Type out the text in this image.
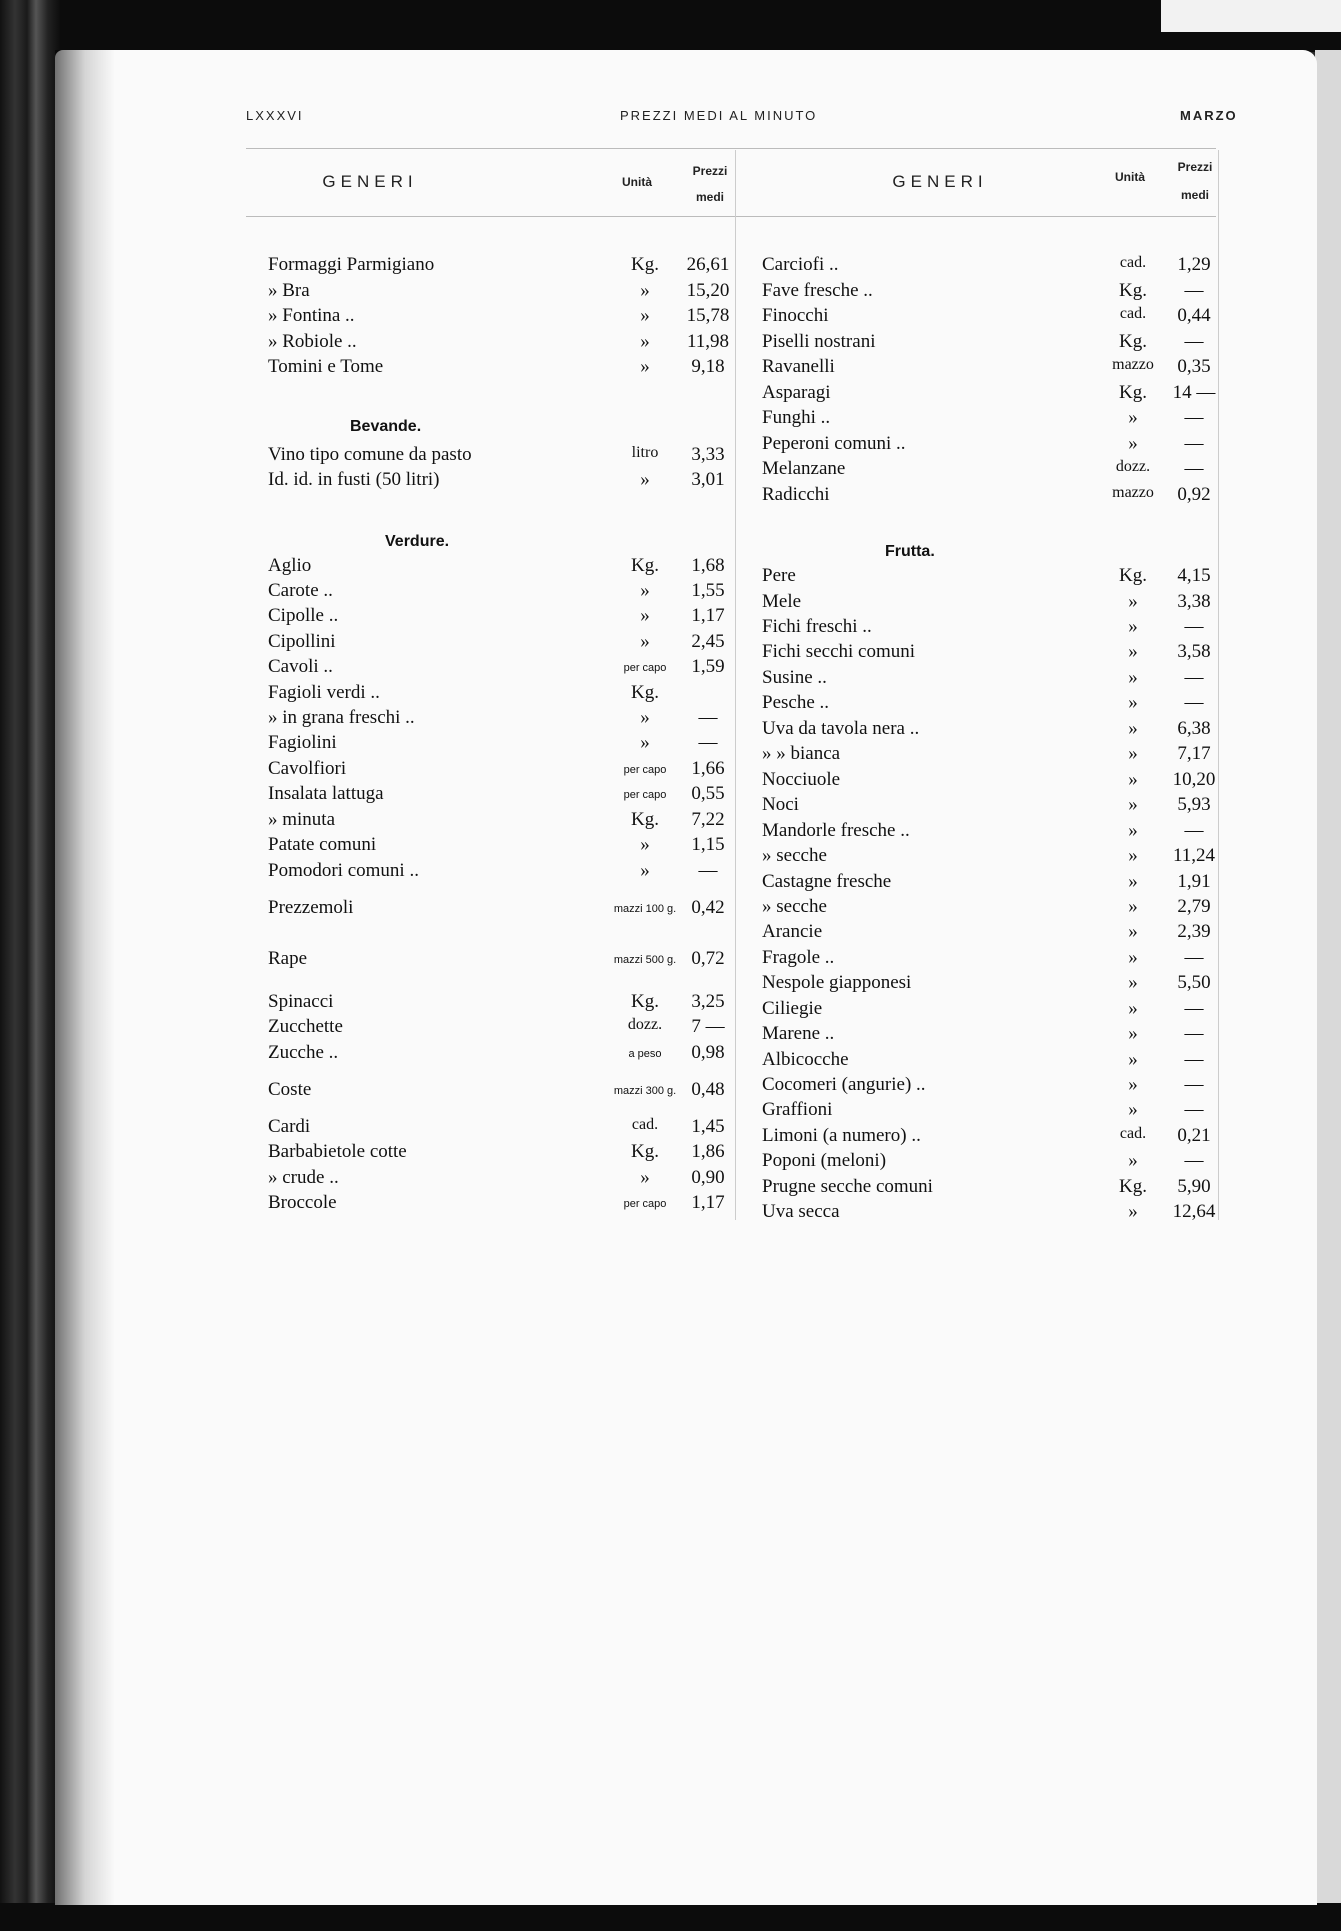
LXXXVI	PREZZI MEDI AL MINUTO	MARZO
GENERI	Unità
Prezzi
medi
GENERI	Unità
Prezzi
medi
Bevande.
Verdure.
Frutta.
Formaggi Parmigiano	Kg.	26,61
» Bra	»	15,20
» Fontina ..	»	15,78
» Robiole ..	»	11,98
Tomini e Tome	»	9,18
Vino tipo comune da pasto	litro	3,33
Id. id. in fusti (50 litri)	»	3,01
Aglio	Kg.	1,68
Carote ..	»	1,55
Cipolle ..	»	1,17
Cipollini	»	2,45
Cavoli ..	per capo	1,59
Fagioli verdi ..	Kg.
» in grana freschi ..	»	—
Fagiolini	»	—
Cavolfiori	per capo	1,66
Insalata lattuga	per capo	0,55
» minuta	Kg.	7,22
Patate comuni	»	1,15
Pomodori comuni ..	»	—
Prezzemoli	mazzi 100 g. 0,42
Rape	mazzi 500 g. 0,72
Spinacci	Kg.	3,25
Zucchette	dozz.	7 —
Zucche ..	a peso	0,98
Coste	mazzi 300 g. 0,48
Cardi	cad.	1,45
Barbabietole cotte	Kg.	1,86
» crude ..	»	0,90
Broccole	per capo	1,17
Carciofi ..	cad.	1,29
Fave fresche ..	Kg.	—
Finocchi	cad.	0,44
Piselli nostrani	Kg.	—
Ravanelli	mazzo	0,35
Asparagi	Kg.	14 —
Funghi ..	»	—
Peperoni comuni ..	»	—
Melanzane	dozz.	—
Radicchi	mazzo	0,92
Pere	Kg.	4,15
Mele	»	3,38
Fichi freschi ..	»	—
Fichi secchi comuni	»	3,58
Susine ..	»	—
Pesche ..	»	—
Uva da tavola nera ..	»	6,38
» » bianca	»	7,17
Nocciuole	»	10,20
Noci	»	5,93
Mandorle fresche ..	»	—
» secche	»	11,24
Castagne fresche	»	1,91
» secche	»	2,79
Arancie	»	2,39
Fragole ..	»	—
Nespole giapponesi	»	5,50
Ciliegie	»	—
Marene ..	»	—
Albicocche	»	—
Cocomeri (angurie) ..	»	—
Graffioni	»	—
Limoni (a numero) ..	cad.	0,21
Poponi (meloni)	»	—
Prugne secche comuni	Kg.	5,90
Uva secca	»	12,64
